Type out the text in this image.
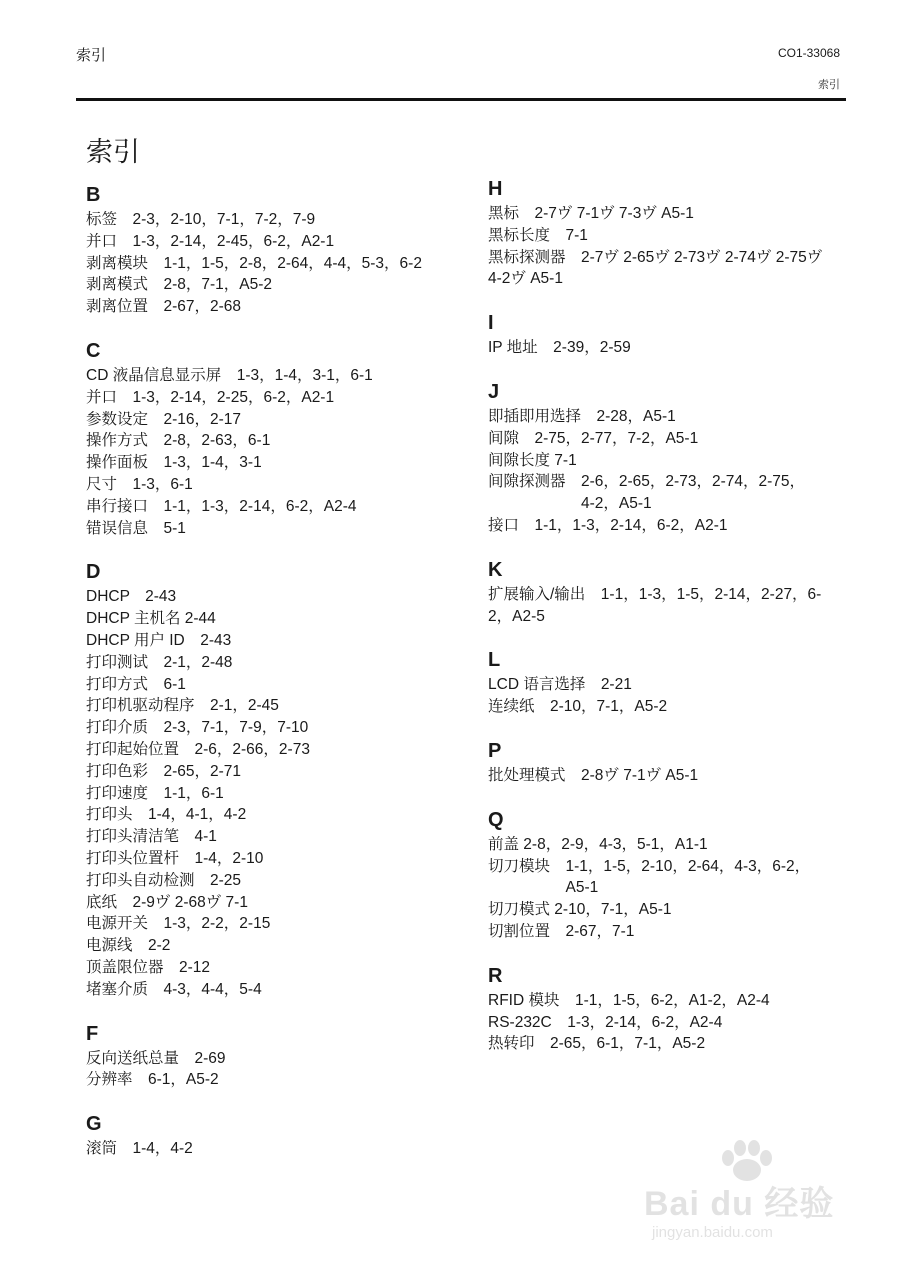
索引	CO1-33068
索引
索引
B
标签　2-3，2-10，7-1，7-2，7-9
并口　1-3，2-14，2-45，6-2，A2-1
剥离模块　1-1，1-5，2-8，2-64，4-4，5-3，6-2
剥离模式　2-8，7-1，A5-2
剥离位置　2-67，2-68
C
CD 液晶信息显示屏　1-3，1-4，3-1，6-1
并口　1-3，2-14，2-25，6-2，A2-1
参数设定　2-16，2-17
操作方式　2-8，2-63，6-1
操作面板　1-3，1-4，3-1
尺寸　1-3，6-1
串行接口　1-1，1-3，2-14，6-2，A2-4
错误信息　5-1
D
DHCP　2-43
DHCP 主机名 2-44
DHCP 用户 ID　2-43
打印测试　2-1，2-48
打印方式　6-1
打印机驱动程序　2-1，2-45
打印介质　2-3，7-1，7-9，7-10
打印起始位置　2-6，2-66，2-73
打印色彩　2-65，2-71
打印速度　1-1，6-1
打印头　1-4，4-1，4-2
打印头清洁笔　4-1
打印头位置杆　1-4，2-10
打印头自动检测　2-25
底纸　2-9ヴ 2-68ヴ 7-1
电源开关　1-3，2-2，2-15
电源线　2-2
顶盖限位器　2-12
堵塞介质　4-3，4-4，5-4
F
反向送纸总量　2-69
分辨率　6-1，A5-2
G
滚筒　1-4，4-2
H
黑标　2-7ヴ 7-1ヴ 7-3ヴ A5-1
黑标长度　7-1
黑标探测器　2-7ヴ 2-65ヴ 2-73ヴ 2-74ヴ 2-75ヴ
4-2ヴ A5-1
I
IP 地址　2-39，2-59
J
即插即用选择　2-28，A5-1
间隙　2-75，2-77，7-2，A5-1
间隙长度 7-1
间隙探测器　2-6，2-65，2-73，2-74，2-75，
　　　　　　4-2，A5-1
接口　1-1，1-3，2-14，6-2，A2-1
K
扩展输入/输出　1-1，1-3，1-5，2-14，2-27，6-
2，A2-5
L
LCD 语言选择　2-21
连续纸　2-10，7-1，A5-2
P
批处理模式　2-8ヴ 7-1ヴ A5-1
Q
前盖 2-8，2-9，4-3，5-1，A1-1
切刀模块　1-1，1-5，2-10，2-64，4-3，6-2，
　　　　　A5-1
切刀模式 2-10，7-1，A5-1
切割位置　2-67，7-1
R
RFID 模块　1-1，1-5，6-2，A1-2，A2-4
RS-232C　1-3，2-14，6-2，A2-4
热转印　2-65，6-1，7-1，A5-2
Bai du 经验
jingyan.baidu.com
